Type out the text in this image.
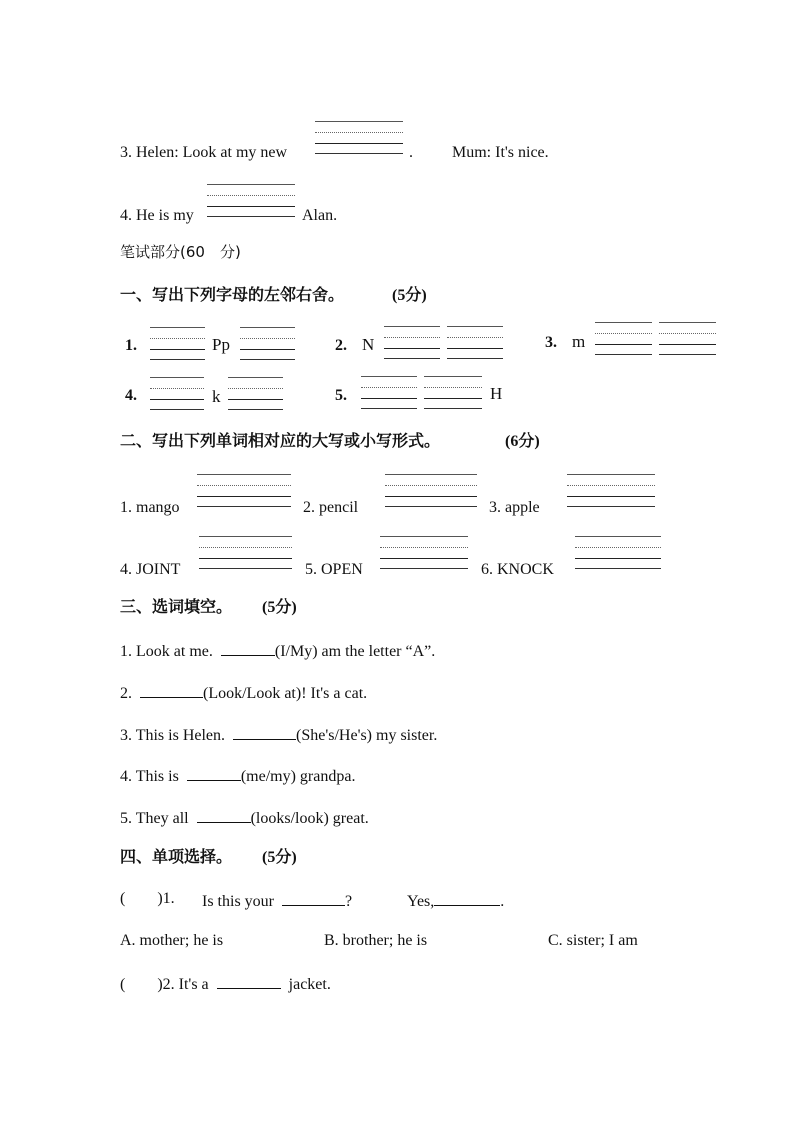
3. Helen: Look at my new	. Mum: It's nice.
4. He is my	Alan.
笔试部分(60　分)
一、写出下列字母的左邻右舍。	(5分)
1.	Pp	2. N	3. m
4.	k	5.	H
二、写出下列单词相对应的大写或小写形式。	(6分)
1. mango	2. pencil	3. apple
4. JOINT	5. OPEN	6. KNOCK
三、选词填空。 (5分)
1. Look at me.	(I/My) am the letter “A”.
2.	(Look/Look at)! It's a cat.
3. This is Helen.	(She's/He's) my sister.
4. This is	(me/my) grandpa.
5. They all	(looks/look) great.
四、单项选择。 (5分)
(　　)1. Is this your	?	Yes,	.
A. mother; he is	B. brother; he is	C. sister; I am
(　　)2. It's a	jacket.
